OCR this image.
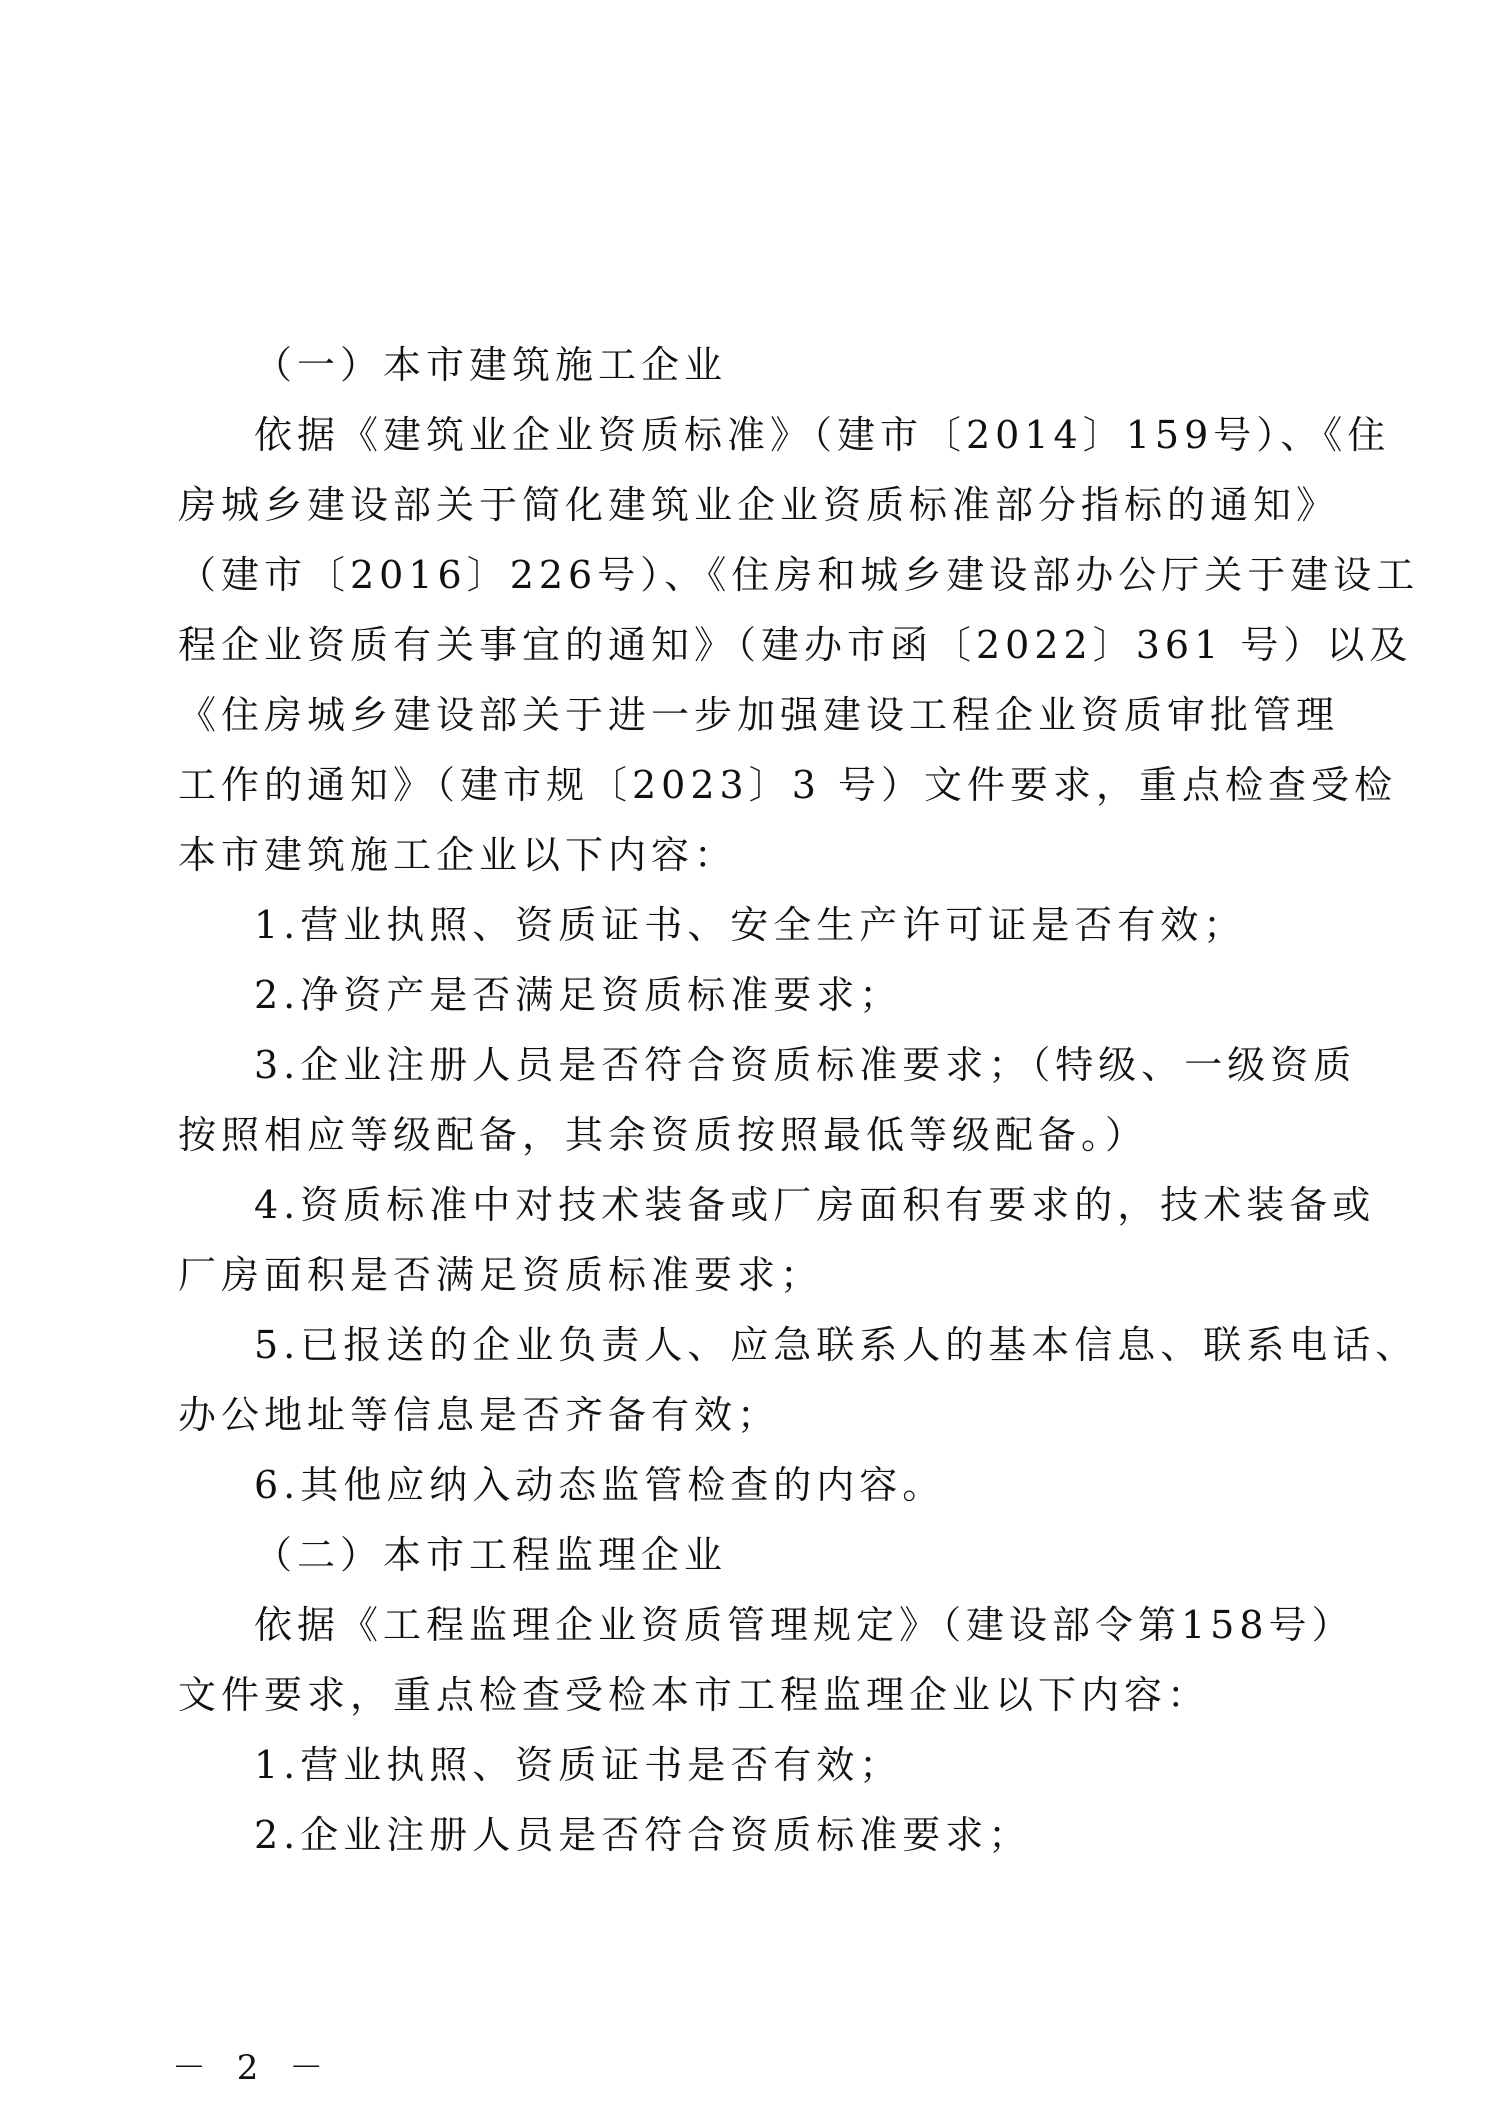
（一）本市建筑施工企业
依据《建筑业企业资质标准》（建市〔2014〕159号）、《住
房城乡建设部关于简化建筑业企业资质标准部分指标的通知》
（建市〔2016〕226号）、《住房和城乡建设部办公厅关于建设工
程企业资质有关事宜的通知》（建办市函〔2022〕361 号）以及
《住房城乡建设部关于进一步加强建设工程企业资质审批管理
工作的通知》（建市规〔2023〕3 号）文件要求，重点检查受检
本市建筑施工企业以下内容：
1.营业执照、资质证书、安全生产许可证是否有效；
2.净资产是否满足资质标准要求；
3.企业注册人员是否符合资质标准要求；（特级、一级资质
按照相应等级配备，其余资质按照最低等级配备。）
4.资质标准中对技术装备或厂房面积有要求的，技术装备或
厂房面积是否满足资质标准要求；
5.已报送的企业负责人、应急联系人的基本信息、联系电话、
办公地址等信息是否齐备有效；
6.其他应纳入动态监管检查的内容。
（二）本市工程监理企业
依据《工程监理企业资质管理规定》（建设部令第158号）
文件要求，重点检查受检本市工程监理企业以下内容：
1.营业执照、资质证书是否有效；
2.企业注册人员是否符合资质标准要求；
－ 2 －
